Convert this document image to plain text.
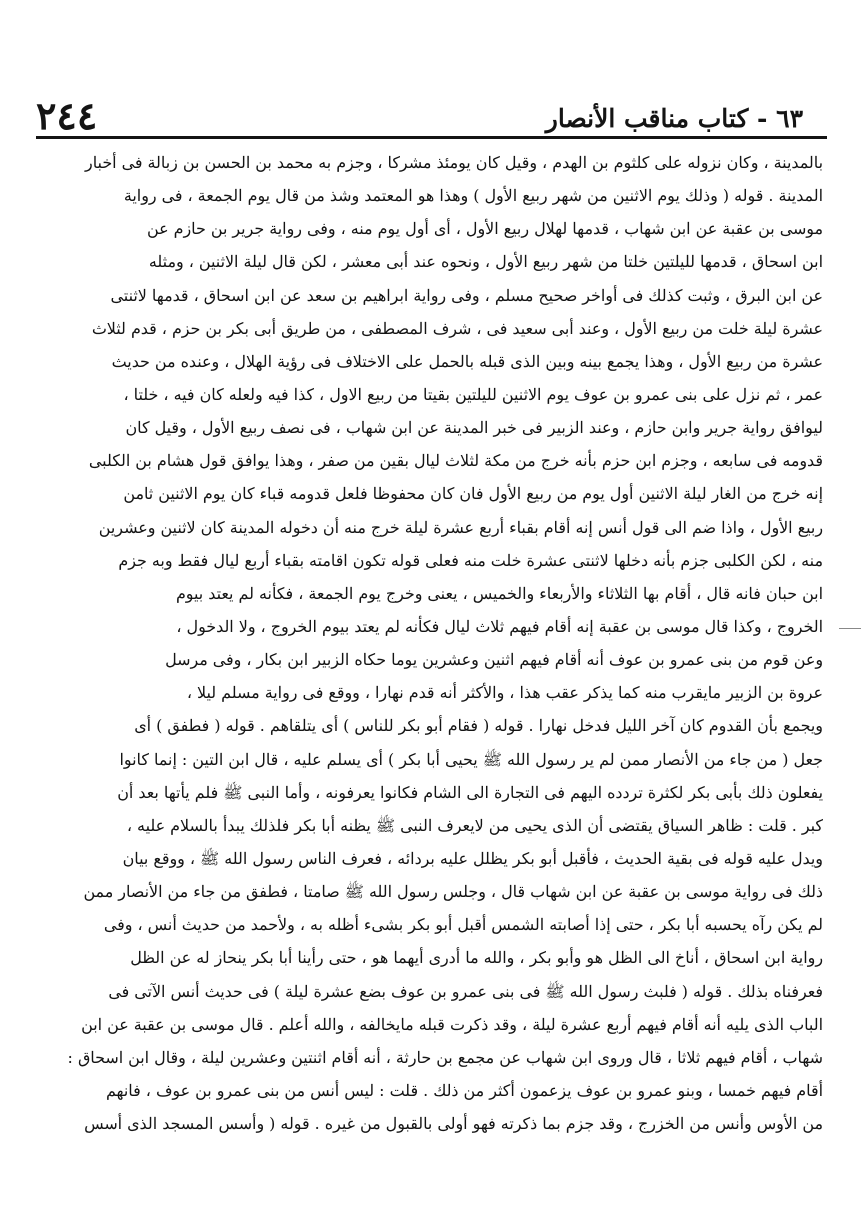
٢٤٤	٦٣ - كتاب مناقب الأنصار
بالمدينة ، وكان نزوله على كلثوم بن الهدم ، وقيل كان يومئذ مشركا ، وجزم به محمد بن الحسن بن زبالة فى أخبار
المدينة . قوله ( وذلك يوم الاثنين من شهر ربيع الأول ) وهذا هو المعتمد وشذ من قال يوم الجمعة ، فى رواية
موسى بن عقبة عن ابن شهاب ، قدمها لهلال ربيع الأول ، أى أول يوم منه ، وفى رواية جرير بن حازم عن
ابن اسحاق ، قدمها لليلتين خلتا من شهر ربيع الأول ، ونحوه عند أبى معشر ، لكن قال ليلة الاثنين ، ومثله
عن ابن البرق ، وثبت كذلك فى أواخر صحيح مسلم ، وفى رواية ابراهيم بن سعد عن ابن اسحاق ، قدمها لاثنتى
عشرة ليلة خلت من ربيع الأول ، وعند أبى سعيد فى ، شرف المصطفى ، من طريق أبى بكر بن حزم ، قدم لثلاث
عشرة من ربيع الأول ، وهذا يجمع بينه وبين الذى قبله بالحمل على الاختلاف فى رؤية الهلال ، وعنده من حديث
عمر ، ثم نزل على بنى عمرو بن عوف يوم الاثنين لليلتين بقيتا من ربيع الاول ، كذا فيه ولعله كان فيه ، خلتا ،
ليوافق رواية جرير وابن حازم ، وعند الزبير فى خبر المدينة عن ابن شهاب ، فى نصف ربيع الأول ، وقيل كان
قدومه فى سابعه ، وجزم ابن حزم بأنه خرج من مكة لثلاث ليال بقين من صفر ، وهذا يوافق قول هشام بن الكلبى
إنه خرج من الغار ليلة الاثنين أول يوم من ربيع الأول فان كان محفوظا فلعل قدومه قباء كان يوم الاثنين ثامن
ربيع الأول ، واذا ضم الى قول أنس إنه أقام بقباء أربع عشرة ليلة خرج منه أن دخوله المدينة كان لاثنين وعشرين
منه ، لكن الكلبى جزم بأنه دخلها لاثنتى عشرة خلت منه فعلى قوله تكون اقامته بقباء أربع ليال فقط وبه جزم
ابن حبان فانه قال ، أقام بها الثلاثاء والأربعاء والخميس ، يعنى وخرج يوم الجمعة ، فكأنه لم يعتد بيوم
الخروج ، وكذا قال موسى بن عقبة إنه أقام فيهم ثلاث ليال فكأنه لم يعتد بيوم الخروج ، ولا الدخول ،
وعن قوم من بنى عمرو بن عوف أنه أقام فيهم اثنين وعشرين يوما حكاه الزبير ابن بكار ، وفى مرسل
عروة بن الزبير مايقرب منه كما يذكر عقب هذا ، والأكثر أنه قدم نهارا ، ووقع فى رواية مسلم ليلا ،
ويجمع بأن القدوم كان آخر الليل فدخل نهارا . قوله ( فقام أبو بكر للناس ) أى يتلقاهم . قوله ( فطفق ) أى
جعل ( من جاء من الأنصار ممن لم ير رسول الله ﷺ يحيى أبا بكر ) أى يسلم عليه ، قال ابن التين : إنما كانوا
يفعلون ذلك بأبى بكر لكثرة تردده اليهم فى التجارة الى الشام فكانوا يعرفونه ، وأما النبى ﷺ فلم يأتها بعد أن
كبر . قلت : ظاهر السياق يقتضى أن الذى يحيى من لايعرف النبى ﷺ يظنه أبا بكر فلذلك يبدأ بالسلام عليه ،
ويدل عليه قوله فى بقية الحديث ، فأقبل أبو بكر يظلل عليه بردائه ، فعرف الناس رسول الله ﷺ ، ووقع بيان
ذلك فى رواية موسى بن عقبة عن ابن شهاب قال ، وجلس رسول الله ﷺ صامتا ، فطفق من جاء من الأنصار ممن
لم يكن رآه يحسبه أبا بكر ، حتى إذا أصابته الشمس أقبل أبو بكر بشىء أظله به ، ولأحمد من حديث أنس ، وفى
رواية ابن اسحاق ، أناخ الى الظل هو وأبو بكر ، والله ما أدرى أيهما هو ، حتى رأينا أبا بكر ينحاز له عن الظل
فعرفناه بذلك . قوله ( فلبث رسول الله ﷺ فى بنى عمرو بن عوف بضع عشرة ليلة ) فى حديث أنس الآتى فى
الباب الذى يليه أنه أقام فيهم أربع عشرة ليلة ، وقد ذكرت قبله مايخالفه ، والله أعلم . قال موسى بن عقبة عن ابن
شهاب ، أقام فيهم ثلاثا ، قال وروى ابن شهاب عن مجمع بن حارثة ، أنه أقام اثنتين وعشرين ليلة ، وقال ابن اسحاق :
أقام فيهم خمسا ، وبنو عمرو بن عوف يزعمون أكثر من ذلك . قلت : ليس أنس من بنى عمرو بن عوف ، فانهم
من الأوس وأنس من الخزرج ، وقد جزم بما ذكرته فهو أولى بالقبول من غيره . قوله ( وأسس المسجد الذى أسس
